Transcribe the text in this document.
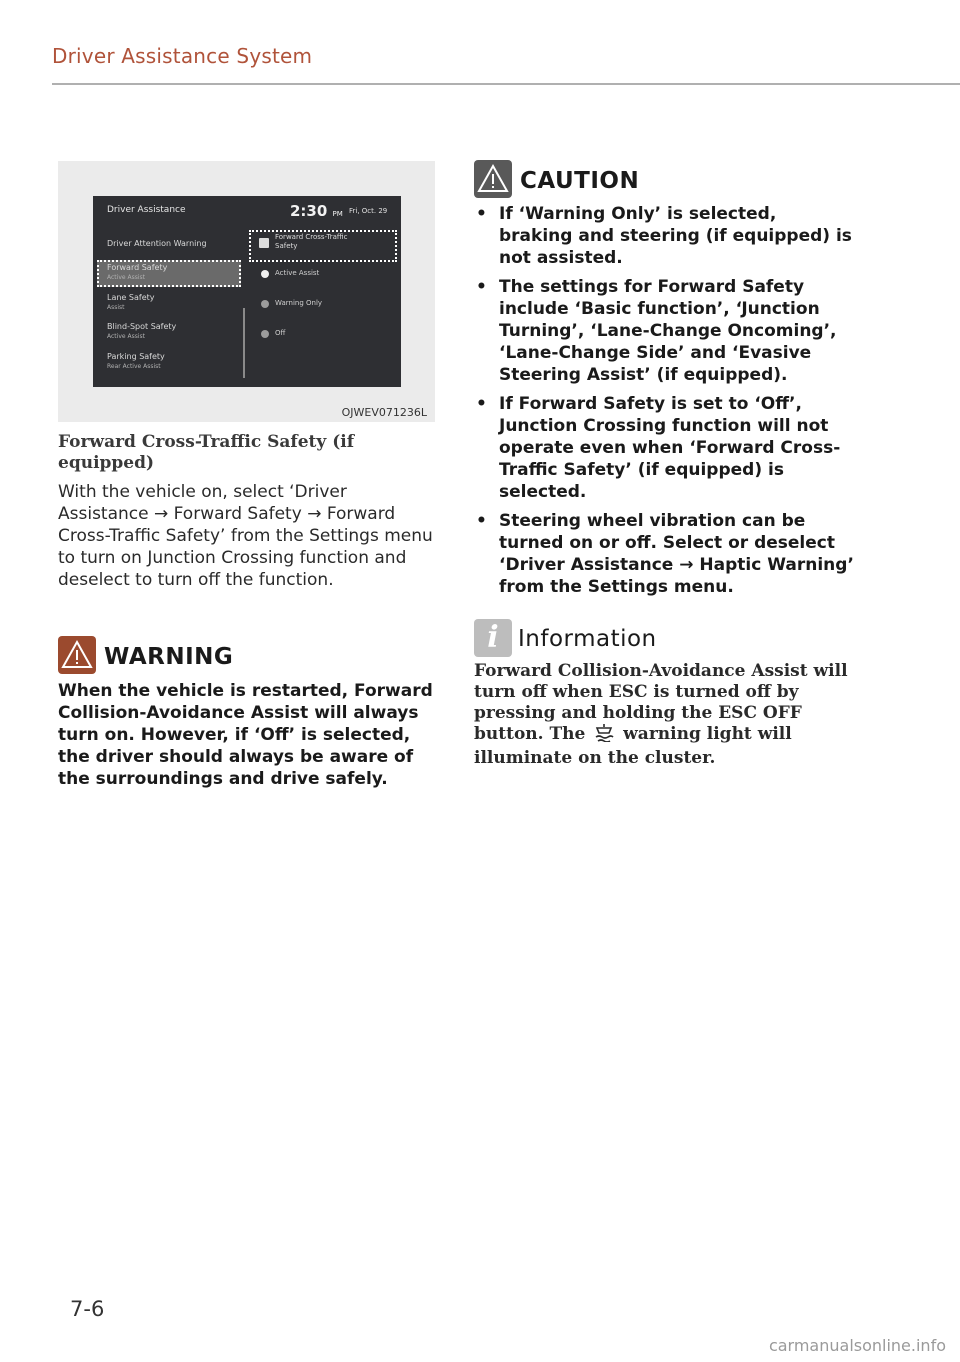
Driver Assistance System
Driver Assistance	2:30 PM Fri, Oct. 29
Driver Attention Warning
Forward Safety
Active Assist
Lane Safety
Assist
Blind-Spot Safety
Active Assist
Parking Safety
Rear Active Assist
Forward Cross-Traffic
Safety
Active Assist
Warning Only
Off
OJWEV071236L
Forward Cross-Traffic Safety (if equipped)
With the vehicle on, select ‘Driver Assistance → Forward Safety → Forward Cross-Traffic Safety’ from the Settings menu to turn on Junction Crossing function and deselect to turn off the function.
WARNING
When the vehicle is restarted, Forward Collision-Avoidance Assist will always turn on. However, if ‘Off’ is selected, the driver should always be aware of the surroundings and drive safely.
CAUTION
• If ‘Warning Only’ is selected, braking and steering (if equipped) is not assisted.
• The settings for Forward Safety include ‘Basic function’, ‘Junction Turning’, ‘Lane-Change Oncoming’, ‘Lane-Change Side’ and ‘Evasive Steering Assist’ (if equipped).
• If Forward Safety is set to ‘Off’, Junction Crossing function will not operate even when ‘Forward Cross-Traffic Safety’ (if equipped) is selected.
• Steering wheel vibration can be turned on or off. Select or deselect ‘Driver Assistance → Haptic Warning’ from the Settings menu.
i Information
Forward Collision-Avoidance Assist will turn off when ESC is turned off by pressing and holding the ESC OFF button. The warning light will illuminate on the cluster.
7-6
carmanualsonline.info
